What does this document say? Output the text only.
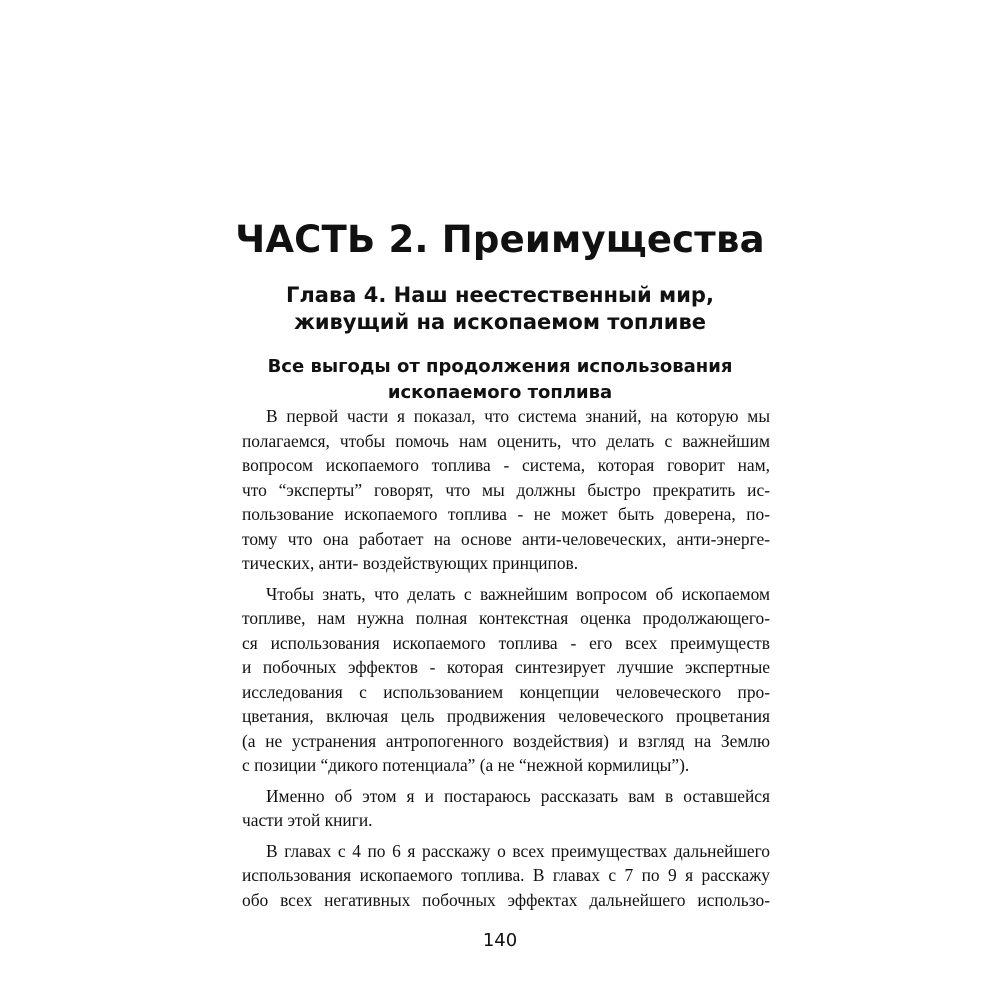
ЧАСТЬ 2. Преимущества
Глава 4. Наш неестественный мир,
живущий на ископаемом топливе
Все выгоды от продолжения использования
ископаемого топлива

В первой части я показал, что система знаний, на которую мы
полагаемся, чтобы помочь нам оценить, что делать с важнейшим
вопросом ископаемого топлива - система, которая говорит нам,
что “эксперты” говорят, что мы должны быстро прекратить ис-
пользование ископаемого топлива - не может быть доверена, по-
тому что она работает на основе анти-человеческих, анти-энерге-
тических, анти- воздействующих принципов.

Чтобы знать, что делать с важнейшим вопросом об ископаемом
топливе, нам нужна полная контекстная оценка продолжающего-
ся использования ископаемого топлива - его всех преимуществ
и побочных эффектов - которая синтезирует лучшие экспертные
исследования с использованием концепции человеческого про-
цветания, включая цель продвижения человеческого процветания
(а не устранения антропогенного воздействия) и взгляд на Землю
с позиции “дикого потенциала” (а не “нежной кормилицы”).

Именно об этом я и постараюсь рассказать вам в оставшейся
части этой книги.

В главах с 4 по 6 я расскажу о всех преимуществах дальнейшего
использования ископаемого топлива. В главах с 7 по 9 я расскажу
обо всех негативных побочных эффектах дальнейшего использо-

140
